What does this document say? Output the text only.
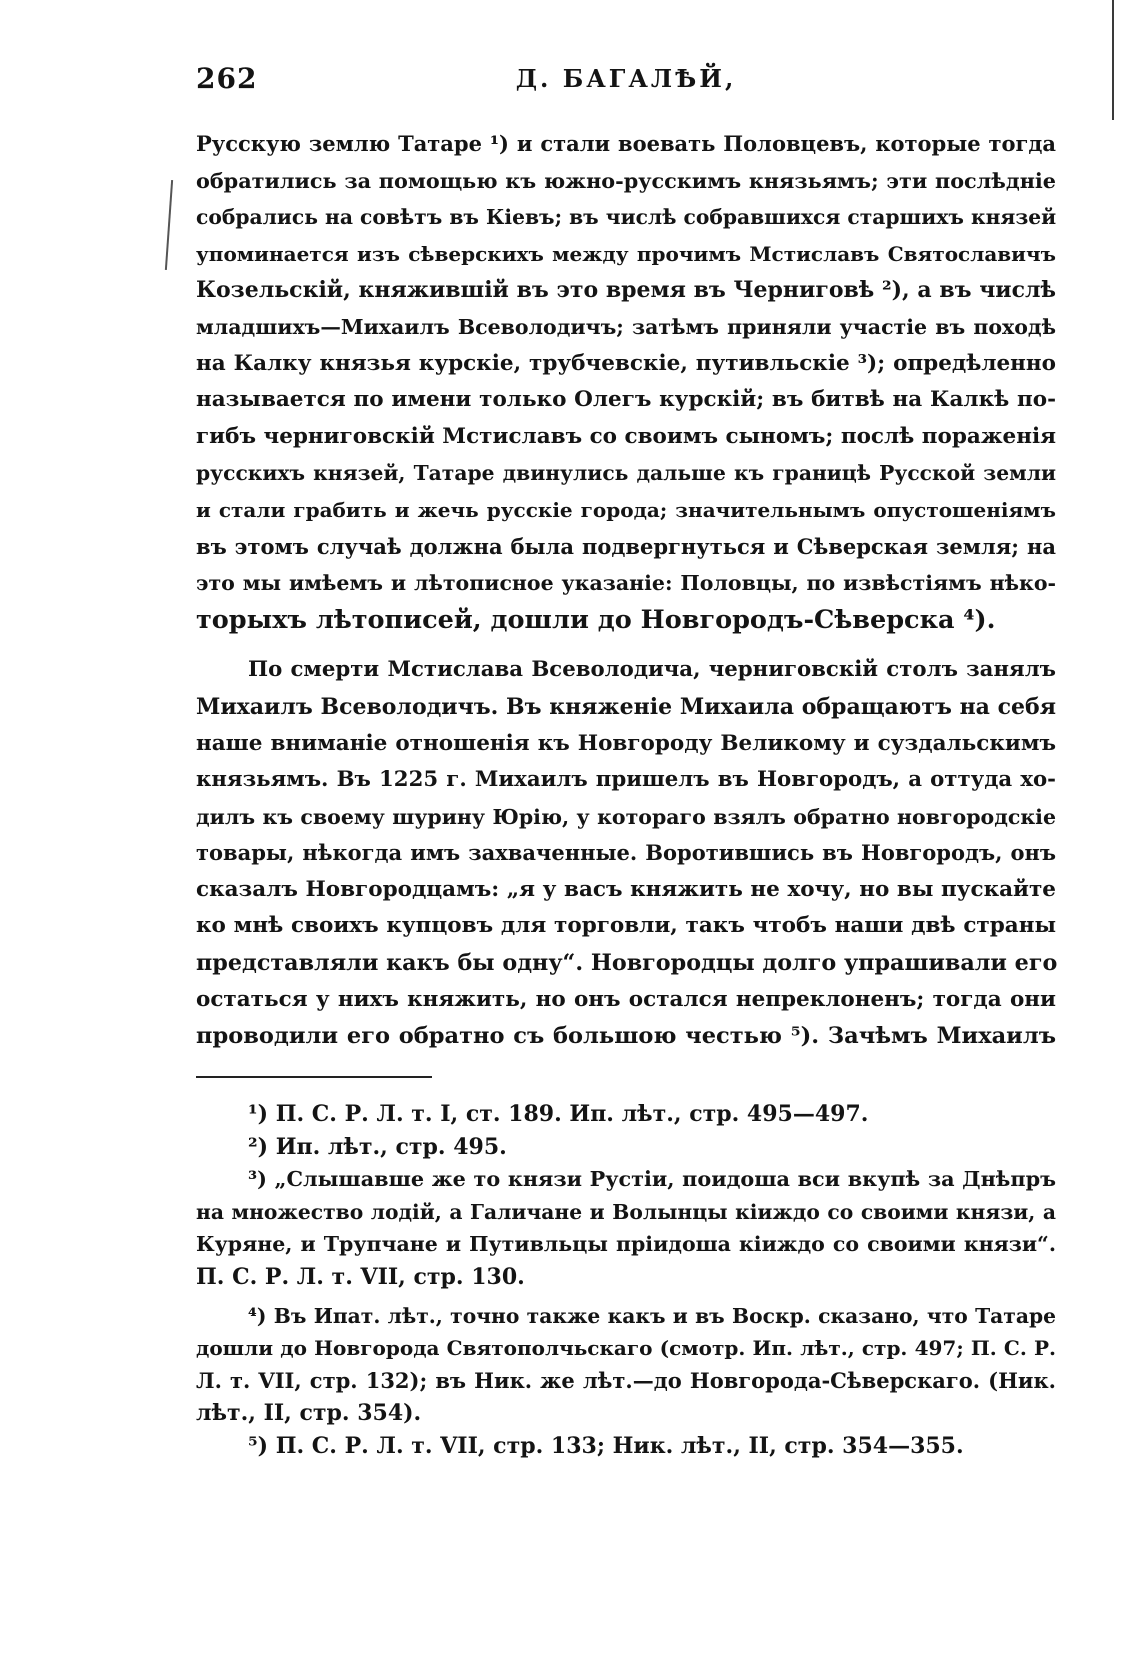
262	Д. БАГАЛѢЙ,

Русскую землю Татаре ¹) и стали воевать Половцевъ, которые тогда

обратились за помощью къ южно-русскимъ князьямъ; эти послѣдніе

собрались на совѣтъ въ Кіевъ; въ числѣ собравшихся старшихъ князей

упоминается изъ сѣверскихъ между прочимъ Мстиславъ Святославичъ

Козельскій, княжившій въ это время въ Черниговѣ ²), а въ числѣ

младшихъ—Михаилъ Всеволодичъ; затѣмъ приняли участіе въ походѣ

на Калку князья курскіе, трубчевскіе, путивльскіе ³); опредѣленно

называется по имени только Олегъ курскій; въ битвѣ на Калкѣ по-

гибъ черниговскій Мстиславъ со своимъ сыномъ; послѣ пораженія

русскихъ князей, Татаре двинулись дальше къ границѣ Русской земли

и стали грабить и жечь русскіе города; значительнымъ опустошеніямъ

въ этомъ случаѣ должна была подвергнуться и Сѣверская земля; на

это мы имѣемъ и лѣтописное указаніе: Половцы, по извѣстіямъ нѣко-

торыхъ лѣтописей, дошли до Новгородъ-Сѣверска ⁴).

По смерти Мстислава Всеволодича, черниговскій столъ занялъ

Михаилъ Всеволодичъ. Въ княженіе Михаила обращаютъ на себя

наше вниманіе отношенія къ Новгороду Великому и суздальскимъ

князьямъ. Въ 1225 г. Михаилъ пришелъ въ Новгородъ, а оттуда хо-

дилъ къ своему шурину Юрію, у котораго взялъ обратно новгородскіе

товары, нѣкогда имъ захваченные. Воротившись въ Новгородъ, онъ

сказалъ Новгородцамъ: „я у васъ княжить не хочу, но вы пускайте

ко мнѣ своихъ купцовъ для торговли, такъ чтобъ наши двѣ страны

представляли какъ бы одну“. Новгородцы долго упрашивали его

остаться у нихъ княжить, но онъ остался непреклоненъ; тогда они

проводили его обратно съ большою честью ⁵). Зачѣмъ Михаилъ

¹) П. С. Р. Л. т. I, ст. 189. Ип. лѣт., стр. 495—497.

²) Ип. лѣт., стр. 495.

³) „Слышавше же то князи Рустіи, поидоша вси вкупѣ за Днѣпръ

на множество лодій, а Галичане и Волынцы кіиждо со своими князи, а

Куряне, и Трупчане и Путивльцы пріидоша кіиждо со своими князи“.

П. С. Р. Л. т. VII, стр. 130.

⁴) Въ Ипат. лѣт., точно также какъ и въ Воскр. сказано, что Татаре

дошли до Новгорода Святополчьскаго (смотр. Ип. лѣт., стр. 497; П. С. Р.

Л. т. VII, стр. 132); въ Ник. же лѣт.—до Новгорода-Сѣверскаго. (Ник.

лѣт., II, стр. 354).

⁵) П. С. Р. Л. т. VII, стр. 133; Ник. лѣт., II, стр. 354—355.
